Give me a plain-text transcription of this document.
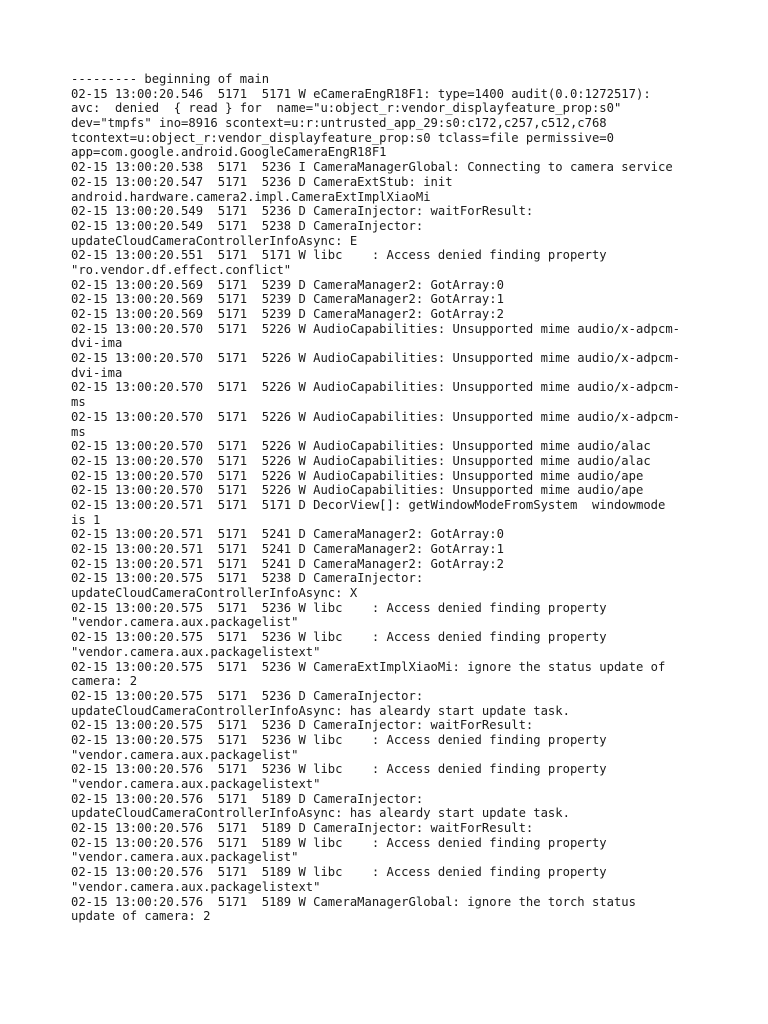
--------- beginning of main
02-15 13:00:20.546  5171  5171 W eCameraEngR18F1: type=1400 audit(0.0:1272517):
avc:  denied  { read } for  name="u:object_r:vendor_displayfeature_prop:s0"
dev="tmpfs" ino=8916 scontext=u:r:untrusted_app_29:s0:c172,c257,c512,c768
tcontext=u:object_r:vendor_displayfeature_prop:s0 tclass=file permissive=0
app=com.google.android.GoogleCameraEngR18F1
02-15 13:00:20.538  5171  5236 I CameraManagerGlobal: Connecting to camera service
02-15 13:00:20.547  5171  5236 D CameraExtStub: init
android.hardware.camera2.impl.CameraExtImplXiaoMi
02-15 13:00:20.549  5171  5236 D CameraInjector: waitForResult:
02-15 13:00:20.549  5171  5238 D CameraInjector:
updateCloudCameraControllerInfoAsync: E
02-15 13:00:20.551  5171  5171 W libc    : Access denied finding property
"ro.vendor.df.effect.conflict"
02-15 13:00:20.569  5171  5239 D CameraManager2: GotArray:0
02-15 13:00:20.569  5171  5239 D CameraManager2: GotArray:1
02-15 13:00:20.569  5171  5239 D CameraManager2: GotArray:2
02-15 13:00:20.570  5171  5226 W AudioCapabilities: Unsupported mime audio/x-adpcm-
dvi-ima
02-15 13:00:20.570  5171  5226 W AudioCapabilities: Unsupported mime audio/x-adpcm-
dvi-ima
02-15 13:00:20.570  5171  5226 W AudioCapabilities: Unsupported mime audio/x-adpcm-
ms
02-15 13:00:20.570  5171  5226 W AudioCapabilities: Unsupported mime audio/x-adpcm-
ms
02-15 13:00:20.570  5171  5226 W AudioCapabilities: Unsupported mime audio/alac
02-15 13:00:20.570  5171  5226 W AudioCapabilities: Unsupported mime audio/alac
02-15 13:00:20.570  5171  5226 W AudioCapabilities: Unsupported mime audio/ape
02-15 13:00:20.570  5171  5226 W AudioCapabilities: Unsupported mime audio/ape
02-15 13:00:20.571  5171  5171 D DecorView[]: getWindowModeFromSystem  windowmode
is 1
02-15 13:00:20.571  5171  5241 D CameraManager2: GotArray:0
02-15 13:00:20.571  5171  5241 D CameraManager2: GotArray:1
02-15 13:00:20.571  5171  5241 D CameraManager2: GotArray:2
02-15 13:00:20.575  5171  5238 D CameraInjector:
updateCloudCameraControllerInfoAsync: X
02-15 13:00:20.575  5171  5236 W libc    : Access denied finding property
"vendor.camera.aux.packagelist"
02-15 13:00:20.575  5171  5236 W libc    : Access denied finding property
"vendor.camera.aux.packagelistext"
02-15 13:00:20.575  5171  5236 W CameraExtImplXiaoMi: ignore the status update of
camera: 2
02-15 13:00:20.575  5171  5236 D CameraInjector:
updateCloudCameraControllerInfoAsync: has aleardy start update task.
02-15 13:00:20.575  5171  5236 D CameraInjector: waitForResult:
02-15 13:00:20.575  5171  5236 W libc    : Access denied finding property
"vendor.camera.aux.packagelist"
02-15 13:00:20.576  5171  5236 W libc    : Access denied finding property
"vendor.camera.aux.packagelistext"
02-15 13:00:20.576  5171  5189 D CameraInjector:
updateCloudCameraControllerInfoAsync: has aleardy start update task.
02-15 13:00:20.576  5171  5189 D CameraInjector: waitForResult:
02-15 13:00:20.576  5171  5189 W libc    : Access denied finding property
"vendor.camera.aux.packagelist"
02-15 13:00:20.576  5171  5189 W libc    : Access denied finding property
"vendor.camera.aux.packagelistext"
02-15 13:00:20.576  5171  5189 W CameraManagerGlobal: ignore the torch status
update of camera: 2
